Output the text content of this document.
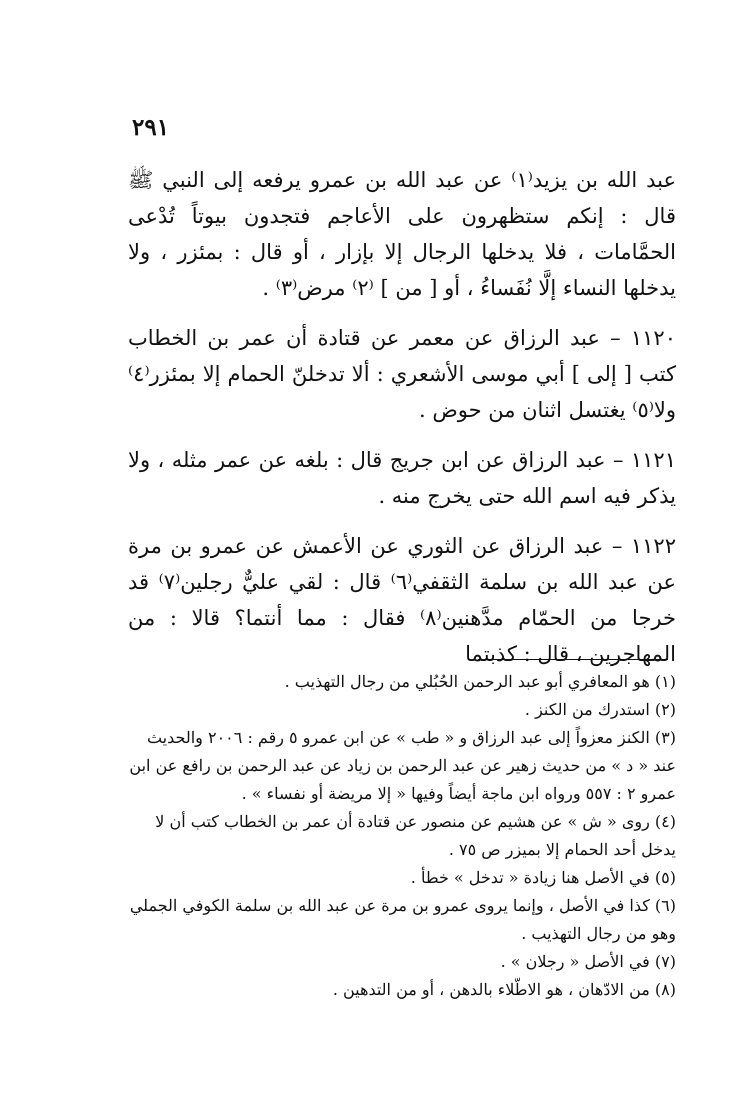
٢٩١

عبد الله بن يزيد⁽١⁾ عن عبد الله بن عمرو يرفعه إلى النبي ﷺ قال : إنكم ستظهرون على الأعاجم فتجدون بيوتاً تُدْعى الحمَّامات ، فلا يدخلها الرجال إلا بإزار ، أو قال : بمئزر ، ولا يدخلها النساء إلَّا نُفَساءُ ، أو [ من ] ⁽٢⁾ مرض⁽٣⁾ .

١١٢٠ – عبد الرزاق عن معمر عن قتادة أن عمر بن الخطاب كتب [ إلى ] أبي موسى الأشعري : ألا تدخلنّ الحمام إلا بمئزر⁽٤⁾ ولا⁽٥⁾ يغتسل اثنان من حوض .

١١٢١ – عبد الرزاق عن ابن جريج قال : بلغه عن عمر مثله ، ولا يذكر فيه اسم الله حتى يخرج منه .

١١٢٢ – عبد الرزاق عن الثوري عن الأعمش عن عمرو بن مرة عن عبد الله بن سلمة الثقفي⁽٦⁾ قال : لقي عليٌّ رجلين⁽٧⁾ قد خرجا من الحمّام مدَّهنين⁽٨⁾ فقال : مما أنتما؟ قالا : من المهاجرين ، قال : كذبتما

(١) هو المعافري أبو عبد الرحمن الحُبُلي من رجال التهذيب .

(٢) استدرك من الكنز .

(٣) الكنز معزواً إلى عبد الرزاق و « طب » عن ابن عمرو ٥ رقم : ٢٠٠٦ والحديث عند « د » من حديث زهير عن عبد الرحمن بن زياد عن عبد الرحمن بن رافع عن ابن عمرو ٢ : ٥٥٧ ورواه ابن ماجة أيضاً وفيها « إلا مريضة أو نفساء » .

(٤) روى « ش » عن هشيم عن منصور عن قتادة أن عمر بن الخطاب كتب أن لا يدخل أحد الحمام إلا بميزر ص ٧٥ .

(٥) في الأصل هنا زيادة « تدخل » خطأ .

(٦) كذا في الأصل ، وإنما يروى عمرو بن مرة عن عبد الله بن سلمة الكوفي الجملي وهو من رجال التهذيب .

(٧) في الأصل « رجلان » .

(٨) من الادّهان ، هو الاطّلاء بالدهن ، أو من التدهين .
